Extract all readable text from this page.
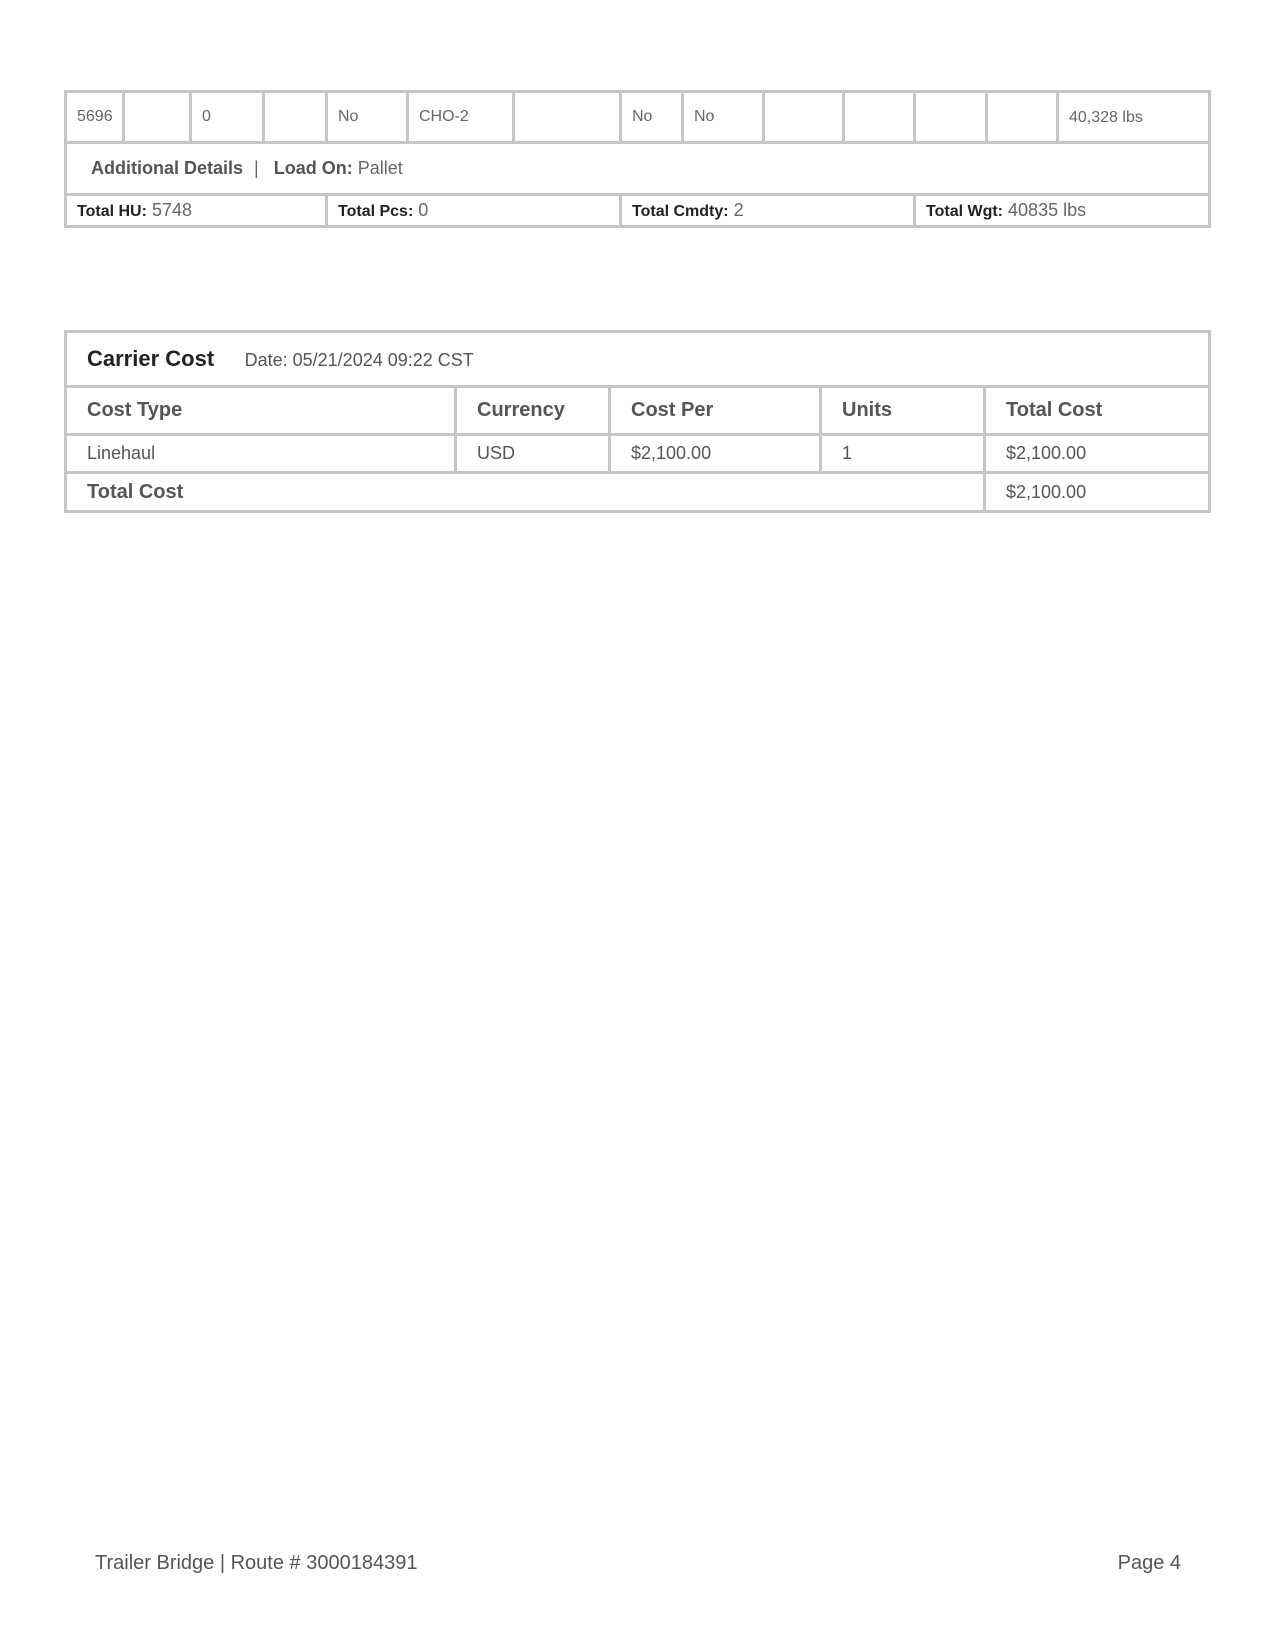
5696		0		No	CHO-2		No	No					40,328 lbs
Additional Details | Load On: Pallet													
Total HU: 5748				Total Pcs: 0			Total Cmdty: 2				Total Wgt: 40835 lbs		
Carrier Cost Date: 05/21/2024 09:22 CST				
Cost Type	Currency	Cost Per	Units	Total Cost
Linehaul	USD	$2,100.00	1	$2,100.00
Total Cost				$2,100.00
Trailer Bridge | Route # 3000184391	Page 4
